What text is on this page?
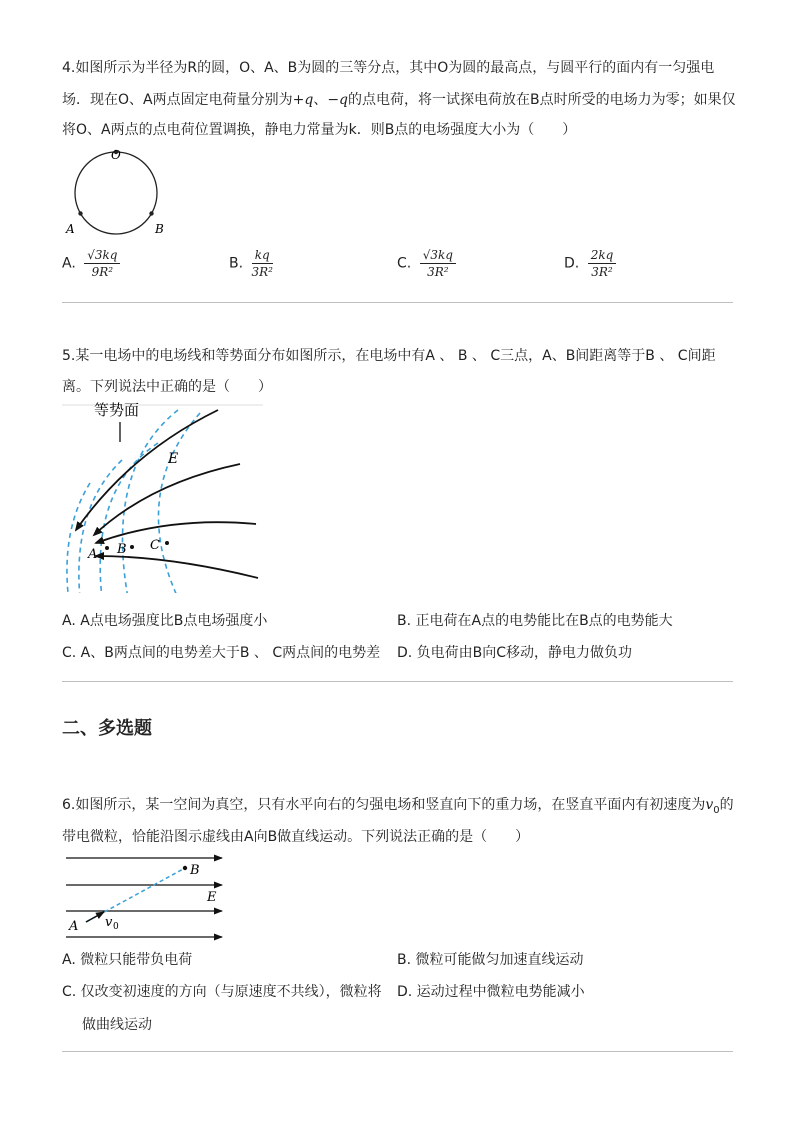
4.如图所示为半径为R的圆，O、A、B为圆的三等分点，其中O为圆的最高点，与圆平行的面内有一匀强电
场．现在O、A两点固定电荷量分别为+q、−q的点电荷，将一试探电荷放在B点时所受的电场力为零；如果仅
将O、A两点的点电荷位置调换，静电力常量为k．则B点的电场强度大小为（　　）
O
A	B
A. $\frac{√3kq}{\text{9R²}}$	B. $\frac{kq}{\text{3R²}}$	C. $\frac{√3kq}{\text{3R²}}$	D. $\frac{2kq}{\text{3R²}}$
5.某一电场中的电场线和等势面分布如图所示，在电场中有A 、 B 、 C三点，A、B间距离等于B 、 C间距
离。下列说法中正确的是（　　）
等势面
E
A B C
A. A点电场强度比B点电场强度小	B. 正电荷在A点的电势能比在B点的电势能大
C. A、B两点间的电势差大于B 、 C两点间的电势差 D. 负电荷由B向C移动，静电力做负功
二、多选题
6.如图所示，某一空间为真空，只有水平向右的匀强电场和竖直向下的重力场，在竖直平面内有初速度为$v_0$的
带电微粒，恰能沿图示虚线由A向B做直线运动。下列说法正确的是（　　）
B
E
A v 0
A. 微粒只能带负电荷	B. 微粒可能做匀加速直线运动
C. 仅改变初速度的方向（与原速度不共线），微粒将
做曲线运动
D. 运动过程中微粒电势能减小
